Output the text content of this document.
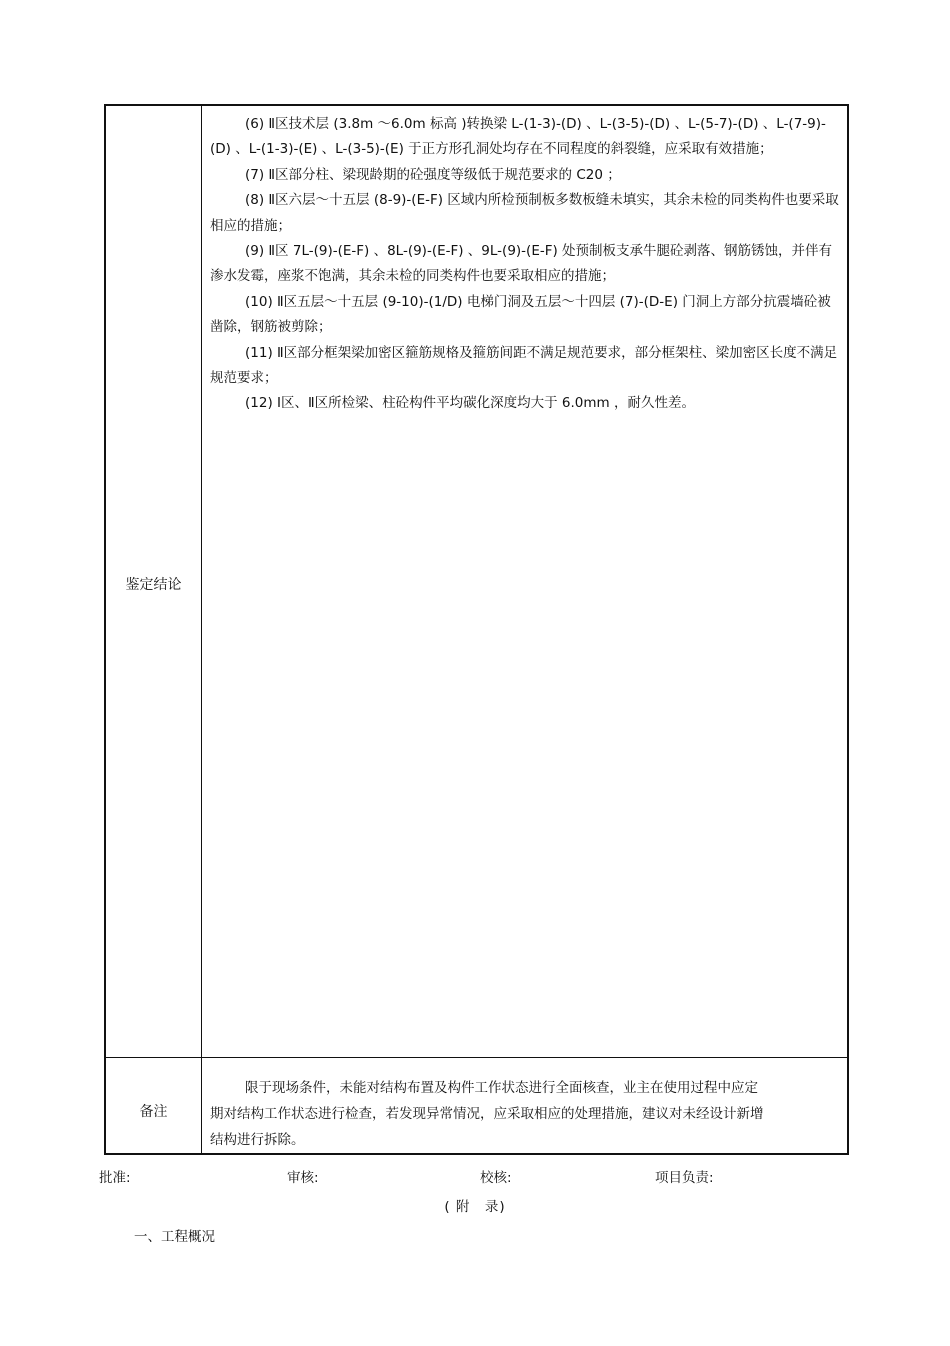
鉴定结论

(6) Ⅱ区技术层 (3.8m ～6.0m 标高 )转换梁 L-(1-3)-(D) 、L-(3-5)-(D) 、L-(5-7)-(D) 、L-(7-9)-(D) 、L-(1-3)-(E) 、L-(3-5)-(E) 于正方形孔洞处均存在不同程度的斜裂缝，应采取有效措施；

(7) Ⅱ区部分柱、梁现龄期的砼强度等级低于规范要求的 C20 ；

(8) Ⅱ区六层～十五层 (8-9)-(E-F) 区域内所检预制板多数板缝未填实，其余未检的同类构件也要采取相应的措施；

(9) Ⅱ区 7L-(9)-(E-F) 、8L-(9)-(E-F) 、9L-(9)-(E-F) 处预制板支承牛腿砼剥落、钢筋锈蚀，并伴有渗水发霉，座浆不饱满，其余未检的同类构件也要采取相应的措施；

(10) Ⅱ区五层～十五层 (9-10)-(1/D) 电梯门洞及五层～十四层 (7)-(D-E) 门洞上方部分抗震墙砼被凿除，钢筋被剪除；

(11) Ⅱ区部分框架梁加密区箍筋规格及箍筋间距不满足规范要求，部分框架柱、梁加密区长度不满足规范要求；

(12) Ⅰ区、Ⅱ区所检梁、柱砼构件平均碳化深度均大于 6.0mm ，耐久性差。

备注

限于现场条件，未能对结构布置及构件工作状态进行全面核查，业主在使用过程中应定期对结构工作状态进行检查，若发现异常情况，应采取相应的处理措施，建议对未经设计新增结构进行拆除。

批准:	审核:	校核:	项目负责:
( 附　录)
一、工程概况
